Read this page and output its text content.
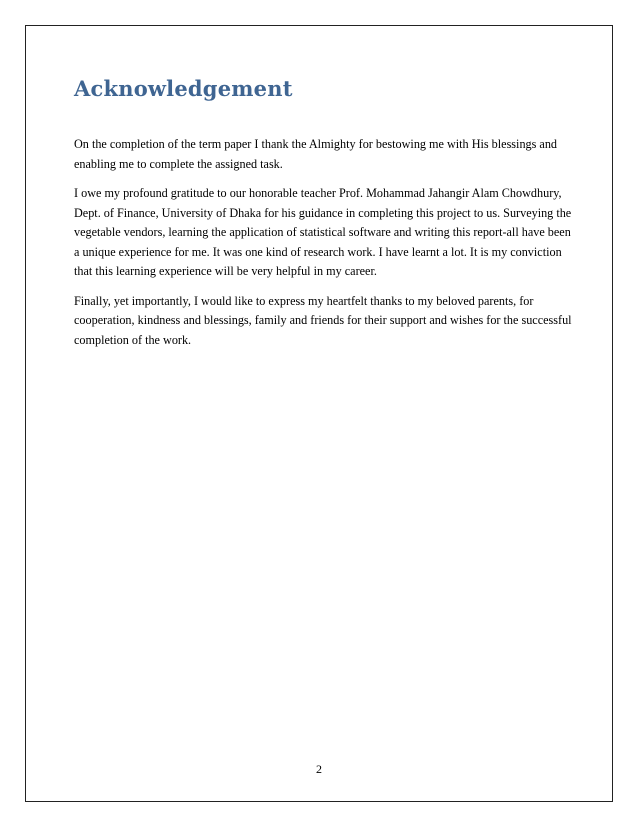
Acknowledgement

On the completion of the term paper I thank the Almighty for bestowing me with His blessings and enabling me to complete the assigned task.

I owe my profound gratitude to our honorable teacher Prof. Mohammad Jahangir Alam Chowdhury, Dept. of Finance, University of Dhaka for his guidance in completing this project to us. Surveying the vegetable vendors, learning the application of statistical software and writing this report-all have been a unique experience for me. It was one kind of research work. I have learnt a lot. It is my conviction that this learning experience will be very helpful in my career.

Finally, yet importantly, I would like to express my heartfelt thanks to my beloved parents, for cooperation, kindness and blessings, family and friends for their support and wishes for the successful completion of the work.

2
